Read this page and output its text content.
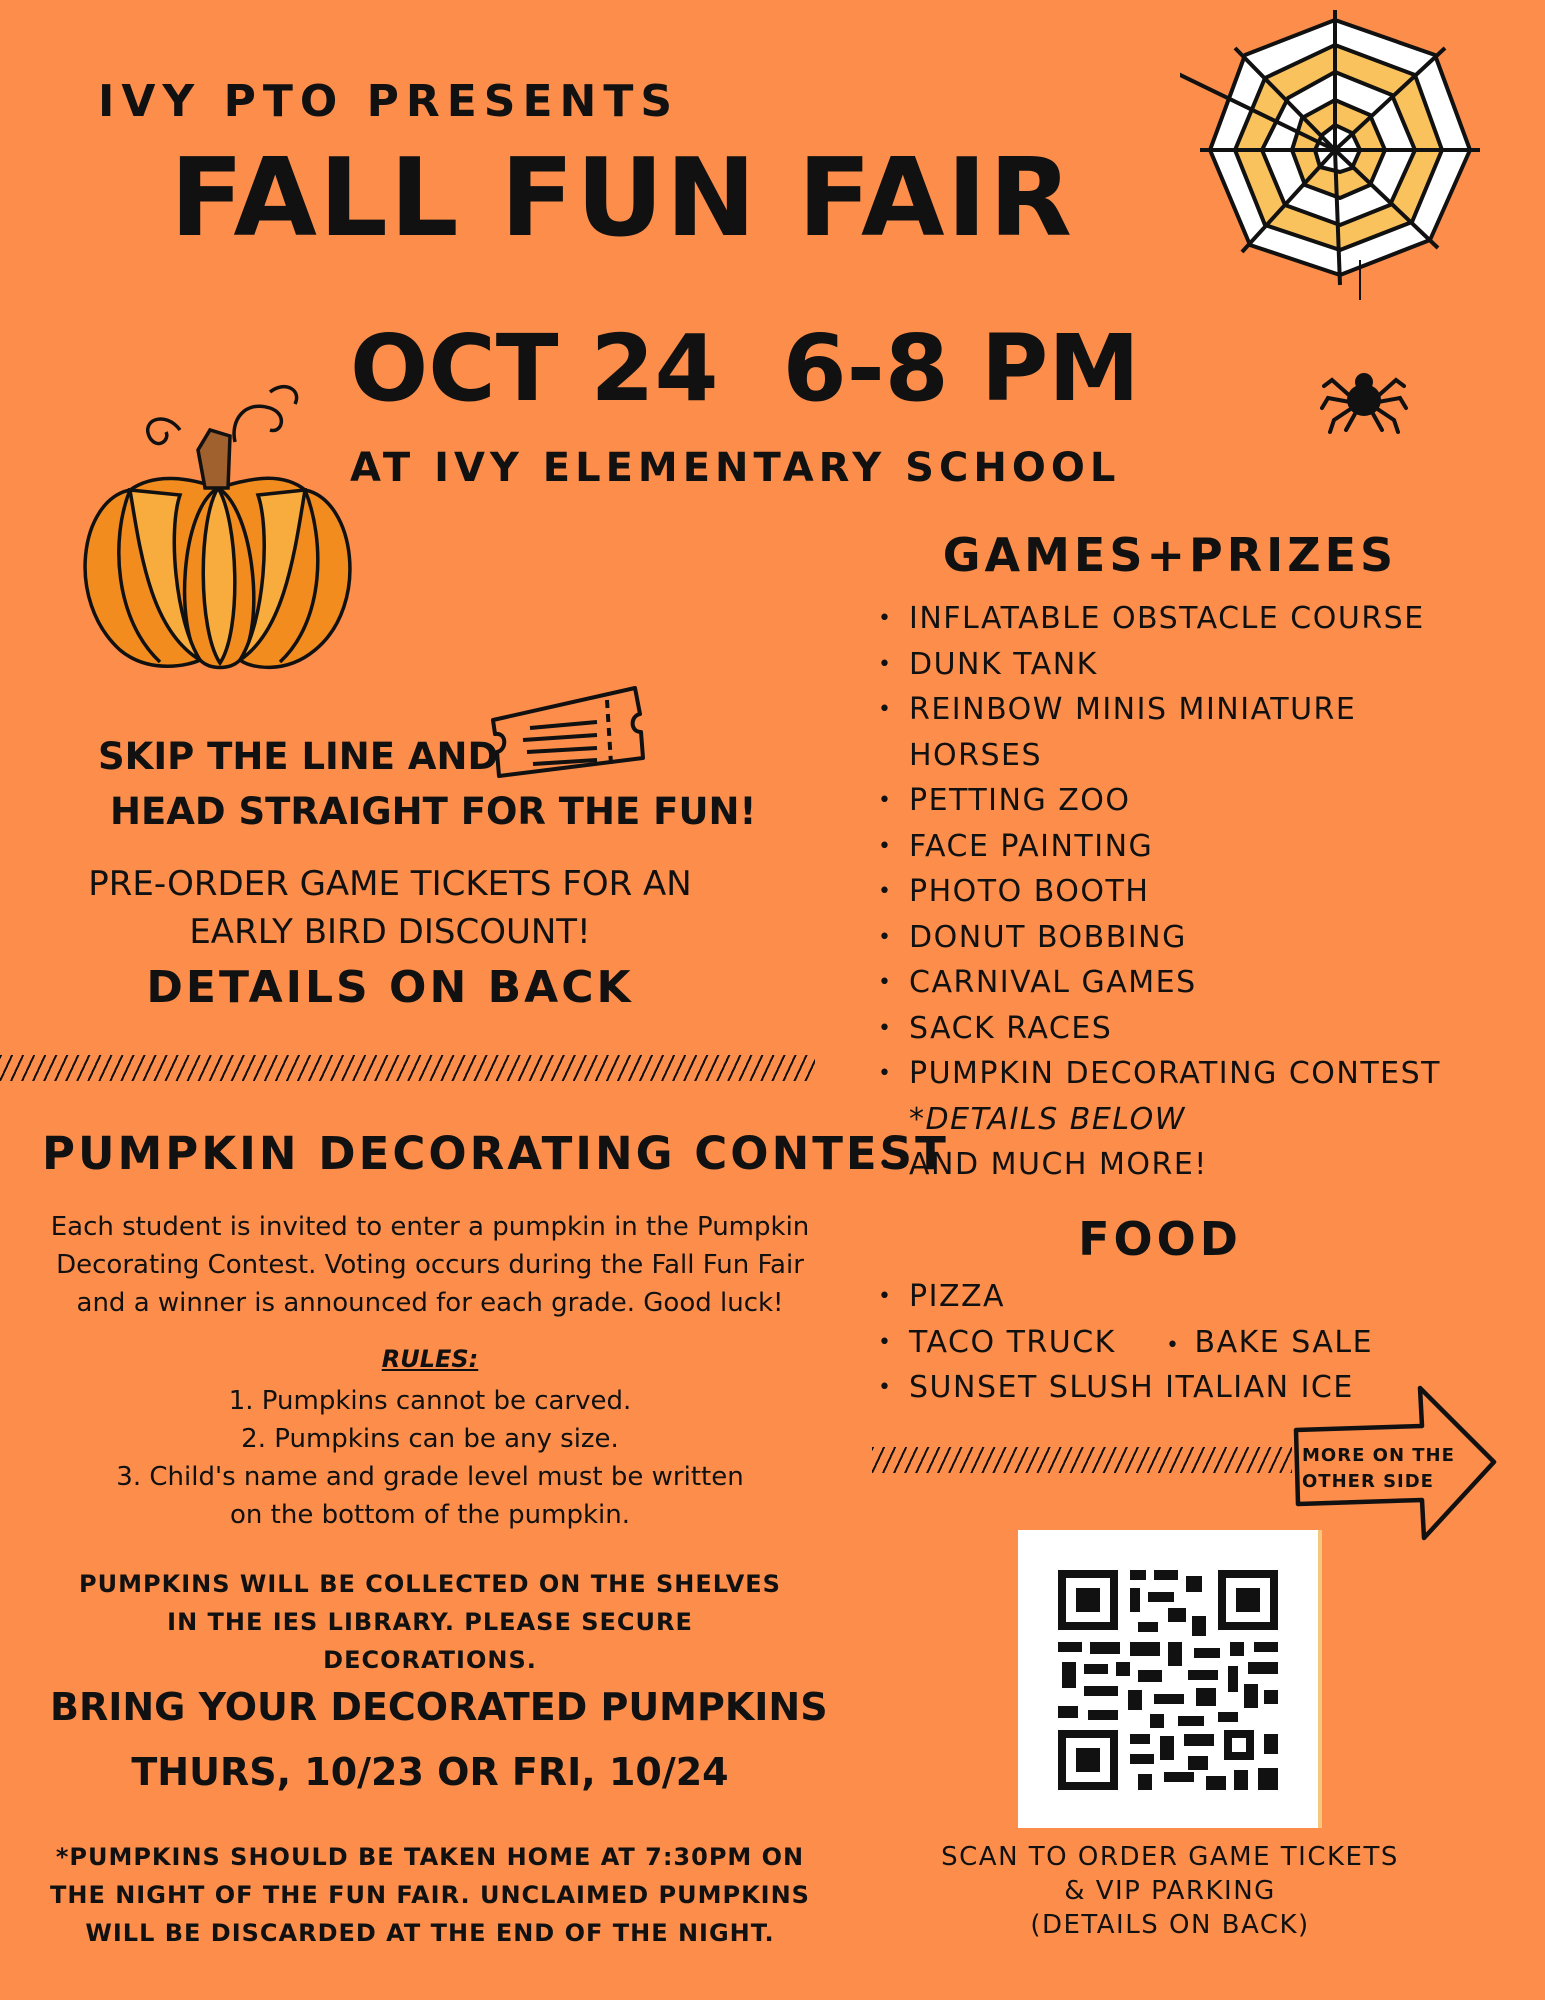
IVY PTO PRESENTS
FALL FUN FAIR
OCT 24  6-8 PM
AT IVY ELEMENTARY SCHOOL
SKIP THE LINE AND
HEAD STRAIGHT FOR THE FUN!
PRE-ORDER GAME TICKETS FOR AN EARLY BIRD DISCOUNT!
DETAILS ON BACK
PUMPKIN DECORATING CONTEST
Each student is invited to enter a pumpkin in the Pumpkin Decorating Contest. Voting occurs during the Fall Fun Fair and a winner is announced for each grade. Good luck!
RULES:
1. Pumpkins cannot be carved.
2. Pumpkins can be any size.
3. Child's name and grade level must be written on the bottom of the pumpkin.
PUMPKINS WILL BE COLLECTED ON THE SHELVES IN THE IES LIBRARY. PLEASE SECURE DECORATIONS.
BRING YOUR DECORATED PUMPKINS
THURS, 10/23 OR FRI, 10/24
*PUMPKINS SHOULD BE TAKEN HOME AT 7:30PM ON THE NIGHT OF THE FUN FAIR. UNCLAIMED PUMPKINS WILL BE DISCARDED AT THE END OF THE NIGHT.
GAMES+PRIZES
• INFLATABLE OBSTACLE COURSE
• DUNK TANK
• REINBOW MINIS MINIATURE
HORSES
• PETTING ZOO
• FACE PAINTING
• PHOTO BOOTH
• DONUT BOBBING
• CARNIVAL GAMES
• SACK RACES
• PUMPKIN DECORATING CONTEST
*DETAILS BELOW
• AND MUCH MORE!
FOOD
• PIZZA
• TACO TRUCK
•	BAKE SALE
• SUNSET SLUSH ITALIAN ICE
MORE ON THE OTHER SIDE
SCAN TO ORDER GAME TICKETS
& VIP PARKING
(DETAILS ON BACK)
